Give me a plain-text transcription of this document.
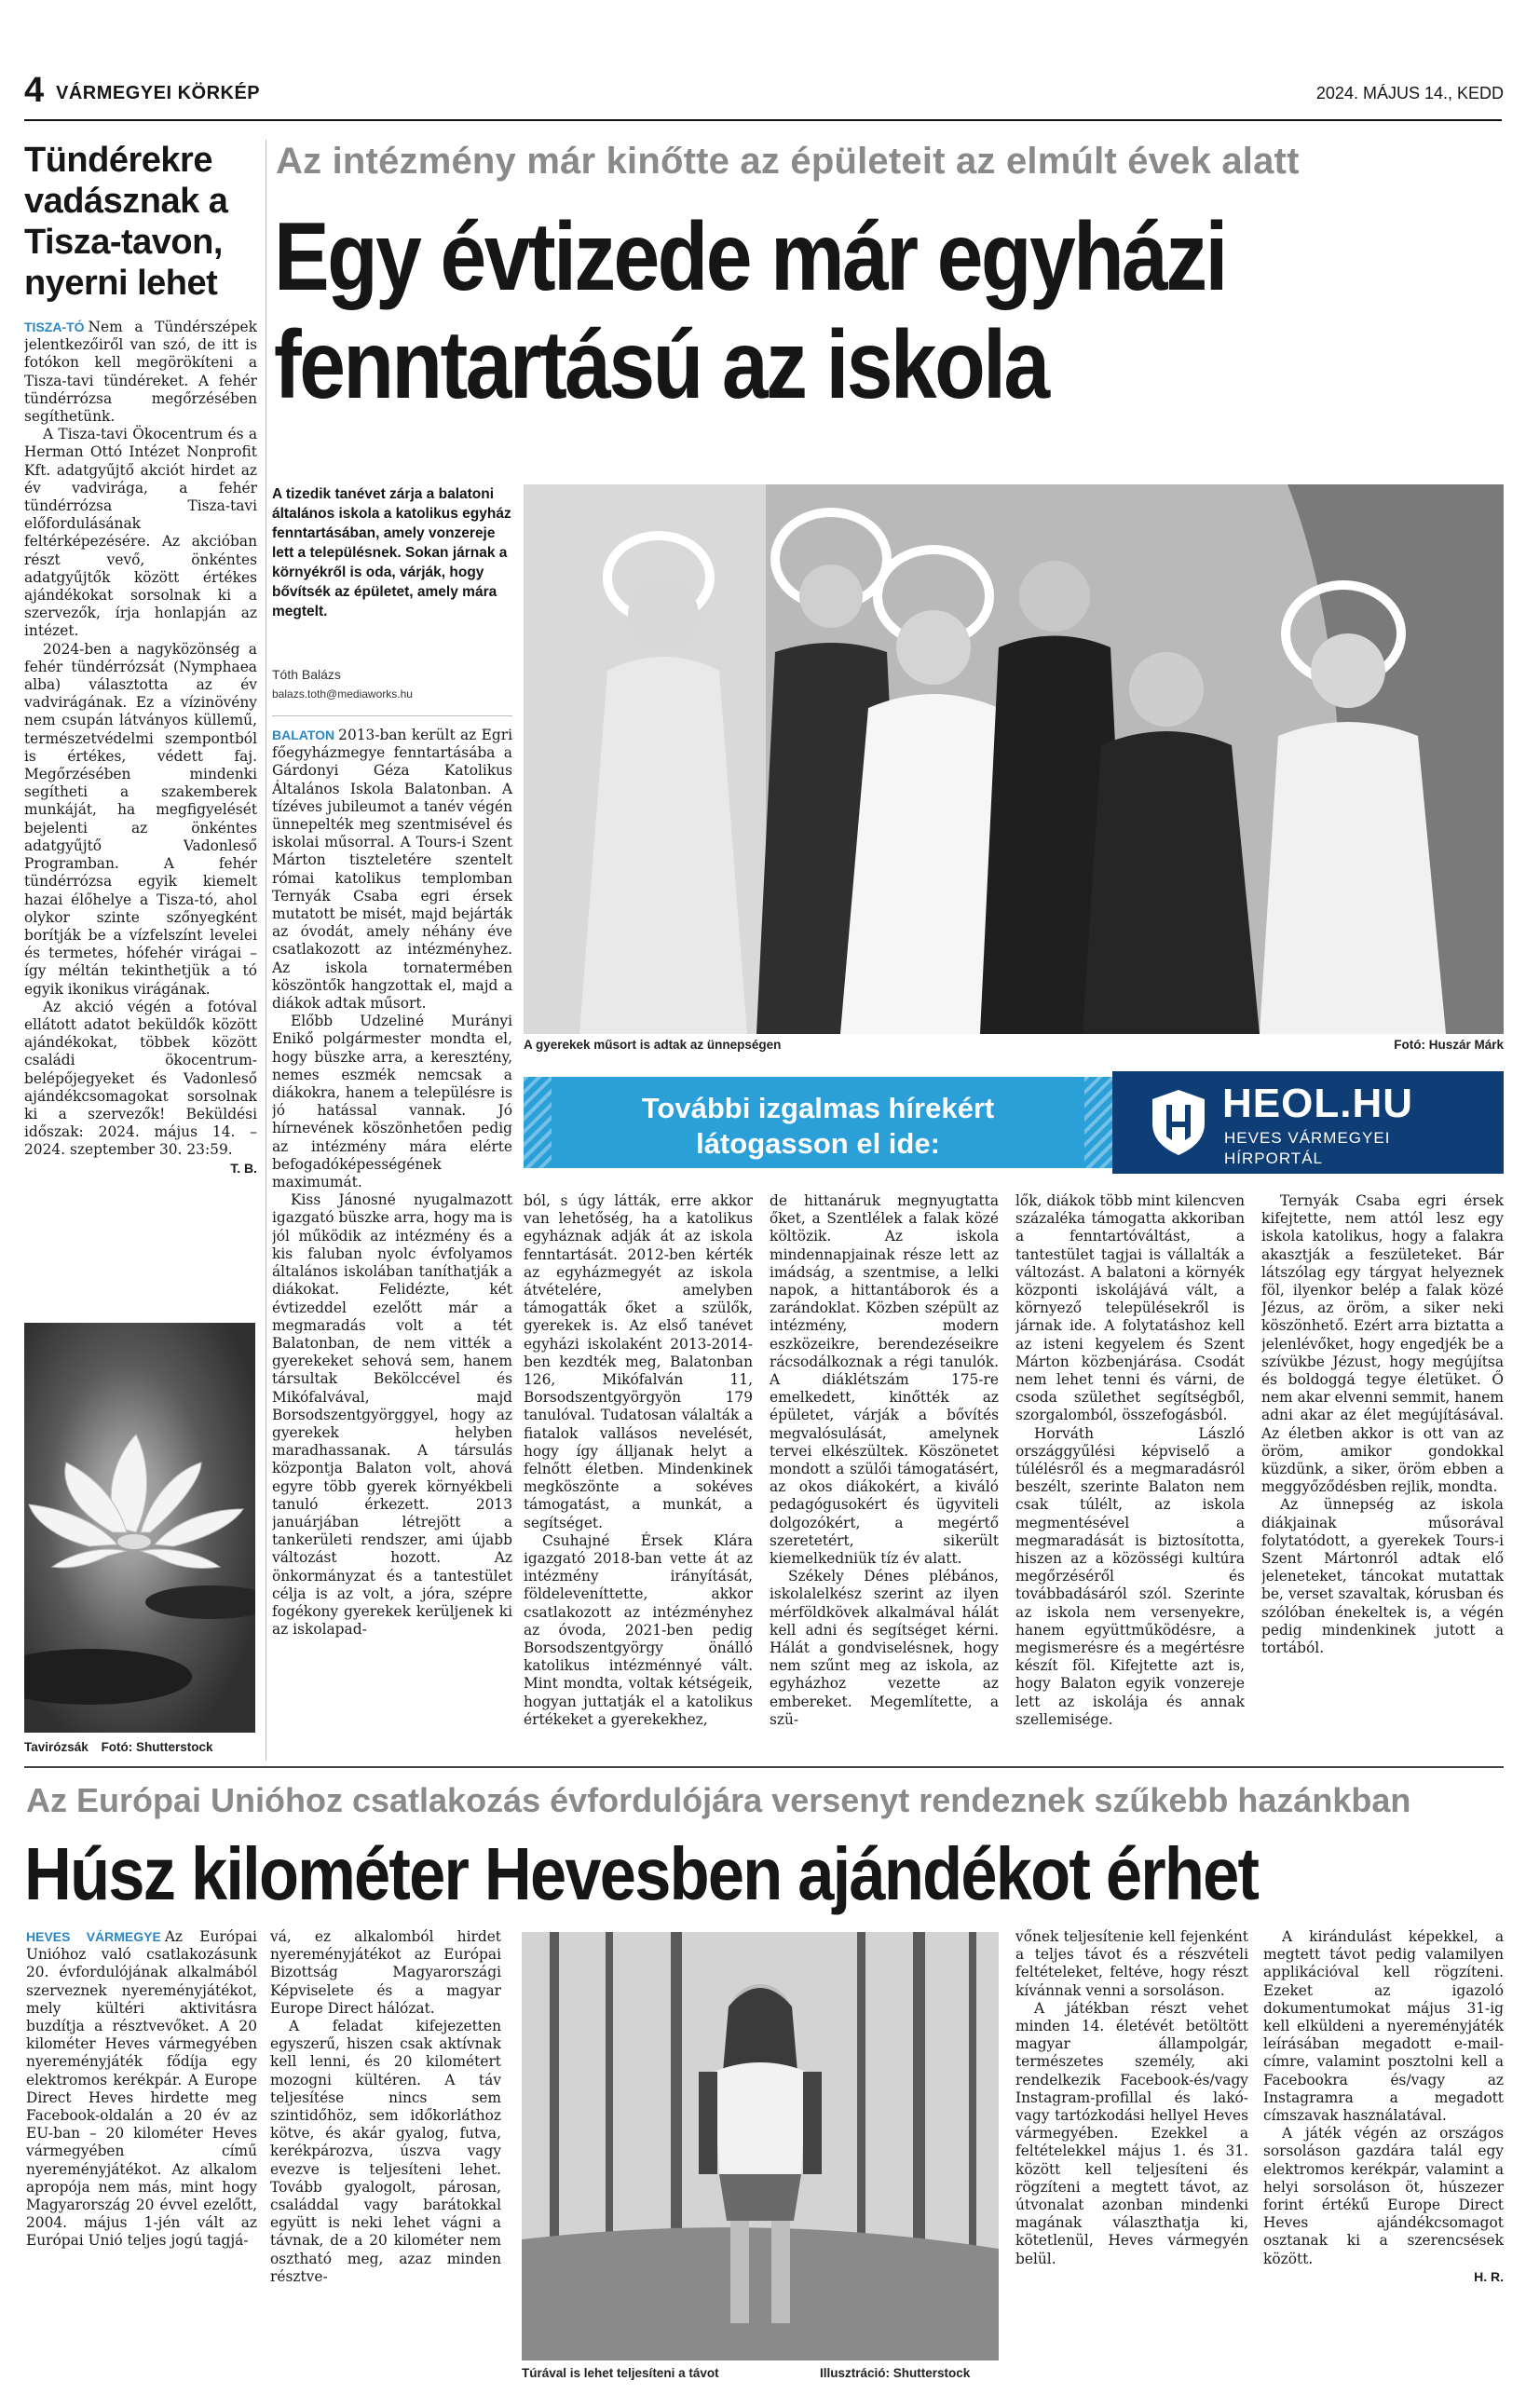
4 VÁRMEGYEI KÖRKÉP	2024. MÁJUS 14., KEDD
Tündérekre vadásznak a Tisza-tavon, nyerni lehet

TISZA-TÓ Nem a Tündérszépek jelentkezőiről van szó, de itt is fotókon kell megörökíteni a Tisza-tavi tündéreket. A fehér tündérrózsa megőrzésében segíthetünk.

A Tisza-tavi Ökocentrum és a Herman Ottó Intézet Nonprofit Kft. adatgyűjtő akciót hirdet az év vadvirága, a fehér tündérrózsa Tisza-tavi előfordulásának feltérképezésére. Az akcióban részt vevő, önkéntes adatgyűjtők között értékes ajándékokat sorsolnak ki a szervezők, írja honlapján az intézet.

2024-ben a nagyközönség a fehér tündérrózsát (Nymphaea alba) választotta az év vadvirágának. Ez a vízinövény nem csupán látványos küllemű, természetvédelmi szempontból is értékes, védett faj. Megőrzésében mindenki segítheti a szakemberek munkáját, ha megfigyelését bejelenti az önkéntes adatgyűjtő Vadonleső Programban. A fehér tündérrózsa egyik kiemelt hazai élőhelye a Tisza-tó, ahol olykor szinte szőnyegként borítják be a vízfelszínt levelei és termetes, hófehér virágai – így méltán tekinthetjük a tó egyik ikonikus virágának.

Az akció végén a fotóval ellátott adatot beküldők között ajándékokat, többek között családi ökocentrum-belépőjegyeket és Vadonleső ajándékcsomagokat sorsolnak ki a szervezők! Beküldési időszak: 2024. május 14. – 2024. szeptember 30. 23:59.

T. B.

Tavirózsák Fotó: Shutterstock
Az intézmény már kinőtte az épületeit az elmúlt évek alatt
Egy évtizede már egyházi fenntartású az iskola
A tizedik tanévet zárja a balatoni általános iskola a katolikus egyház fenntartásában, amely vonzereje lett a településnek. Sokan járnak a környékről is oda, várják, hogy bővítsék az épületet, amely mára megtelt.
Tóth Balázs
balazs.toth@mediaworks.hu

BALATON 2013-ban került az Egri főegyházmegye fenntartásába a Gárdonyi Géza Katolikus Általános Iskola Balatonban. A tízéves jubileumot a tanév végén ünnepelték meg szentmisével és iskolai műsorral. A Tours-i Szent Márton tiszteletére szentelt római katolikus templomban Ternyák Csaba egri érsek mutatott be misét, majd bejárták az óvodát, amely néhány éve csatlakozott az intézményhez. Az iskola tornatermében köszöntők hangzottak el, majd a diákok adtak műsort.

Előbb Udzeliné Murányi Enikő polgármester mondta el, hogy büszke arra, a keresztény, nemes eszmék nemcsak a diákokra, hanem a településre is jó hatással vannak. Jó hírnevének köszönhetően pedig az intézmény mára elérte befogadóképességének maximumát.

Kiss Jánosné nyugalmazott igazgató büszke arra, hogy ma is jól működik az intézmény és a kis faluban nyolc évfolyamos általános iskolában taníthatják a diákokat. Felidézte, két évtizeddel ezelőtt már a megmaradás volt a tét Balatonban, de nem vitték a gyerekeket sehová sem, hanem társultak Bekölccével és Mikófalvával, majd Borsodszentgyörggyel, hogy az gyerekek helyben maradhassanak. A társulás központja Balaton volt, ahová egyre több gyerek környékbeli tanuló érkezett. 2013 januárjában létrejött a tankerületi rendszer, ami újabb változást hozott. Az önkormányzat és a tantestület célja is az volt, a jóra, szépre fogékony gyerekek kerüljenek ki az iskolapad-

A gyerekek műsort is adtak az ünnepségen	Fotó: Huszár Márk
További izgalmas hírekért
látogasson el ide:
HEOL.HU
HEVES VÁRMEGYEI
HÍRPORTÁL

ból, s úgy látták, erre akkor van lehetőség, ha a katolikus egyháznak adják át az iskola fenntartását. 2012-ben kérték az egyházmegyét az iskola átvételére, amelyben támogatták őket a szülők, gyerekek is. Az első tanévet egyházi iskolaként 2013-2014-ben kezdték meg, Balatonban 126, Mikófalván 11, Borsodszentgyörgyön 179 tanulóval. Tudatosan válalták a fiatalok vallásos nevelését, hogy így álljanak helyt a felnőtt életben. Mindenkinek megköszönte a sokéves támogatást, a munkát, a segítséget.

Csuhajné Érsek Klára igazgató 2018-ban vette át az intézmény irányítását, földeleveníttette, akkor csatlakozott az intézményhez az óvoda, 2021-ben pedig Borsodszentgyörgy önálló katolikus intézménnyé vált. Mint mondta, voltak kétségeik, hogyan juttatják el a katolikus értékeket a gyerekekhez,

de hittanáruk megnyugtatta őket, a Szentlélek a falak közé költözik. Az iskola mindennapjainak része lett az imádság, a szentmise, a lelki napok, a hittantáborok és a zarándoklat. Közben szépült az intézmény, modern eszközeikre, berendezéseikre rácsodálkoznak a régi tanulók. A diáklétszám 175-re emelkedett, kinőtték az épületet, várják a bővítés megvalósulását, amelynek tervei elkészültek. Köszönetet mondott a szülői támogatásért, az okos diákokért, a kiváló pedagógusokért és ügyviteli dolgozókért, a megértő szeretetért, sikerült kiemelkedniük tíz év alatt.

Székely Dénes plébános, iskolalelkész szerint az ilyen mérföldkövek alkalmával hálát kell adni és segítséget kérni. Hálát a gondviselésnek, hogy nem szűnt meg az iskola, az egyházhoz vezette az embereket. Megemlítette, a szü-

lők, diákok több mint kilencven százaléka támogatta akkoriban a fenntartóváltást, a tantestület tagjai is vállalták a változást. A balatoni a környék központi iskolájává vált, a környező településekről is járnak ide. A folytatáshoz kell az isteni kegyelem és Szent Márton közbenjárása. Csodát nem lehet tenni és várni, de csoda születhet segítségből, szorgalomból, összefogásból.

Horváth László országgyűlési képviselő a túlélésről és a megmaradásról beszélt, szerinte Balaton nem csak túlélt, az iskola megmentésével a megmaradását is biztosította, hiszen az a közösségi kultúra megőrzéséről és továbbadásáról szól. Szerinte az iskola nem versenyekre, hanem együttműködésre, a megismerésre és a megértésre készít föl. Kifejtette azt is, hogy Balaton egyik vonzereje lett az iskolája és annak szellemisége.

Ternyák Csaba egri érsek kifejtette, nem attól lesz egy iskola katolikus, hogy a falakra akasztják a feszületeket. Bár látszólag egy tárgyat helyeznek föl, ilyenkor belép a falak közé Jézus, az öröm, a siker neki köszönhető. Ezért arra biztatta a jelenlévőket, hogy engedjék be a szívükbe Jézust, hogy megújítsa és boldoggá tegye életüket. Ő nem akar elvenni semmit, hanem adni akar az élet megújításával. Az életben akkor is ott van az öröm, amikor gondokkal küzdünk, a siker, öröm ebben a meggyőződésben rejlik, mondta.

Az ünnepség az iskola diákjainak műsorával folytatódott, a gyerekek Tours-i Szent Mártonról adtak elő jeleneteket, táncokat mutattak be, verset szavaltak, kórusban és szólóban énekeltek is, a végén pedig mindenkinek jutott a tortából.

Az Európai Unióhoz csatlakozás évfordulójára versenyt rendeznek szűkebb hazánkban
Húsz kilométer Hevesben ajándékot érhet

HEVES VÁRMEGYE Az Európai Unióhoz való csatlakozásunk 20. évfordulójának alkalmából szerveznek nyereményjátékot, mely kültéri aktivitásra buzdítja a résztvevőket. A 20 kilométer Heves vármegyében nyereményjáték fődíja egy elektromos kerékpár. A Europe Direct Heves hirdette meg Facebook-oldalán a 20 év az EU-ban – 20 kilométer Heves vármegyében című nyereményjátékot. Az alkalom apropója nem más, mint hogy Magyarország 20 évvel ezelőtt, 2004. május 1-jén vált az Európai Unió teljes jogú tagjá-

vá, ez alkalomból hirdet nyereményjátékot az Európai Bizottság Magyarországi Képviselete és a magyar Europe Direct hálózat.

A feladat kifejezetten egyszerű, hiszen csak aktívnak kell lenni, és 20 kilométert mozogni kültéren. A táv teljesítése nincs sem szintidőhöz, sem időkorláthoz kötve, és akár gyalog, futva, kerékpározva, úszva vagy evezve is teljesíteni lehet. Tovább gyalogolt, párosan, családdal vagy barátokkal együtt is neki lehet vágni a távnak, de a 20 kilométer nem osztható meg, azaz minden résztve-

Túrával is lehet teljesíteni a távot	Illusztráció: Shutterstock

vőnek teljesítenie kell fejenként a teljes távot és a részvételi feltételeket, feltéve, hogy részt kívánnak venni a sorsoláson.

A játékban részt vehet minden 14. életévét betöltött magyar állampolgár, természetes személy, aki rendelkezik Facebook-és/vagy Instagram-profillal és lakó- vagy tartózkodási hellyel Heves vármegyében. Ezekkel a feltételekkel május 1. és 31. között kell teljesíteni és rögzíteni a megtett távot, az útvonalat azonban mindenki magának választhatja ki, kötetlenül, Heves vármegyén belül.

A kirándulást képekkel, a megtett távot pedig valamilyen applikációval kell rögzíteni. Ezeket az igazoló dokumentumokat május 31-ig kell elküldeni a nyereményjáték leírásában megadott e-mail-címre, valamint posztolni kell a Facebookra és/vagy az Instagramra a megadott címszavak használatával.

A játék végén az országos sorsoláson gazdára talál egy elektromos kerékpár, valamint a helyi sorsoláson öt, húszezer forint értékű Europe Direct Heves ajándékcsomagot osztanak ki a szerencsések között.

H. R.
